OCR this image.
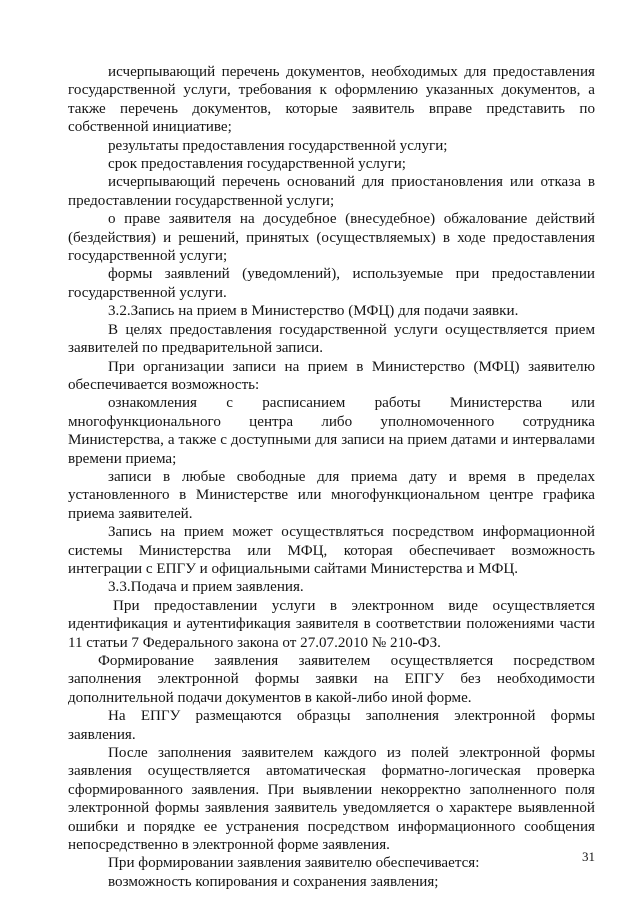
исчерпывающий перечень документов, необходимых для предоставления государственной услуги, требования к оформлению указанных документов, а также перечень документов, которые заявитель вправе представить по собственной инициативе;

результаты предоставления государственной услуги;

срок предоставления государственной услуги;

исчерпывающий перечень оснований для приостановления или отказа в предоставлении государственной услуги;

о праве заявителя на досудебное (внесудебное) обжалование действий (бездействия) и решений, принятых (осуществляемых) в ходе предоставления государственной услуги;

формы заявлений (уведомлений), используемые при предоставлении государственной услуги.

3.2.Запись на прием в Министерство (МФЦ) для подачи заявки.

В целях предоставления государственной услуги осуществляется прием заявителей по предварительной записи.

При организации записи на прием в Министерство (МФЦ) заявителю обеспечивается возможность:

ознакомления с расписанием работы Министерства или многофункционального центра либо уполномоченного сотрудника Министерства, а также с доступными для записи на прием датами и интервалами времени приема;

записи в любые свободные для приема дату и время в пределах установленного в Министерстве или многофункциональном центре графика приема заявителей.

Запись на прием может осуществляться посредством информационной системы Министерства или МФЦ, которая обеспечивает возможность интеграции с ЕПГУ и официальными сайтами Министерства и МФЦ.

3.3.Подача и прием заявления.

При предоставлении услуги в электронном виде осуществляется идентификация и аутентификация заявителя в соответствии положениями части 11 статьи 7 Федерального закона от 27.07.2010 № 210-ФЗ.

Формирование заявления заявителем осуществляется посредством заполнения электронной формы заявки на ЕПГУ без необходимости дополнительной подачи документов в какой-либо иной форме.

На ЕПГУ размещаются образцы заполнения электронной формы заявления.

После заполнения заявителем каждого из полей электронной формы заявления осуществляется автоматическая форматно-логическая проверка сформированного заявления. При выявлении некорректно заполненного поля электронной формы заявления заявитель уведомляется о характере выявленной ошибки и порядке ее устранения посредством информационного сообщения непосредственно в электронной форме заявления.

При формировании заявления заявителю обеспечивается:

возможность копирования и сохранения заявления;

31
